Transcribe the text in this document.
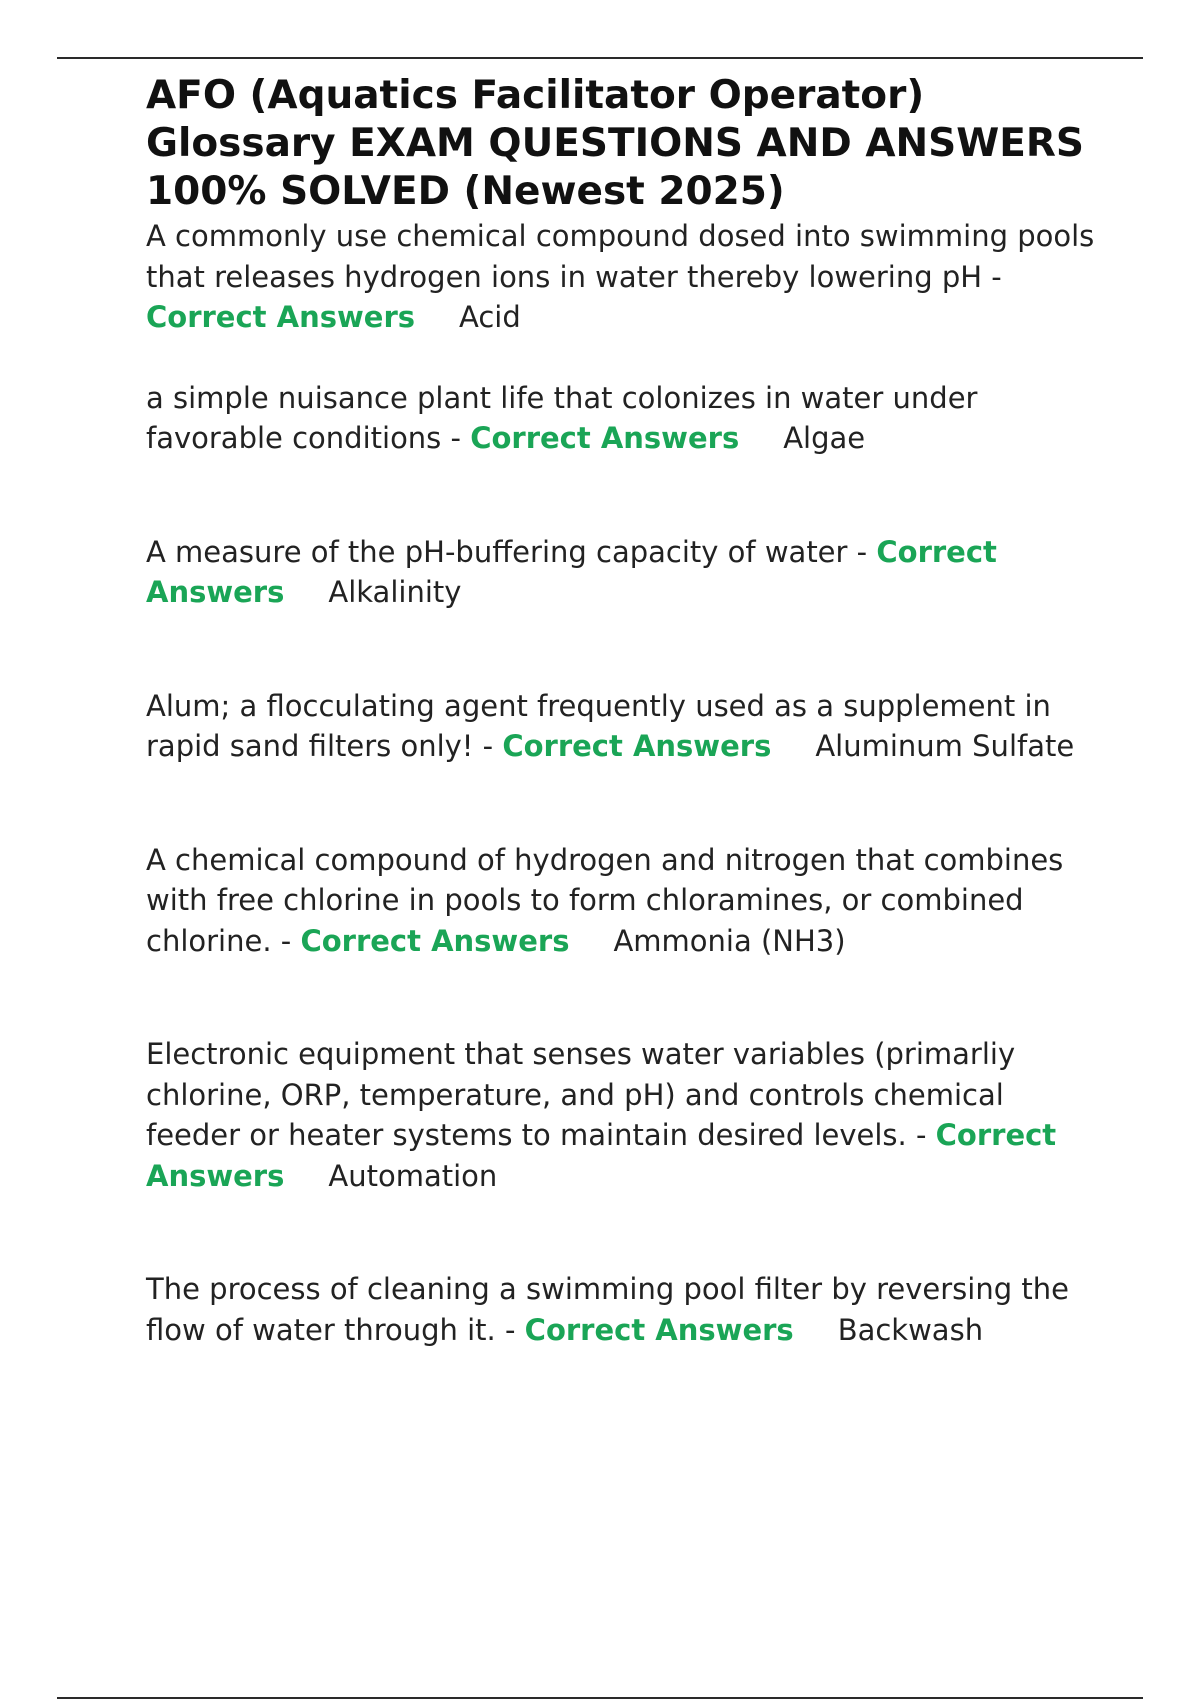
AFO (Aquatics Facilitator Operator) Glossary EXAM QUESTIONS AND ANSWERS 100% SOLVED (Newest 2025)

A commonly use chemical compound dosed into swimming pools that releases hydrogen ions in water thereby lowering pH - Correct Answers Acid

a simple nuisance plant life that colonizes in water under favorable conditions - Correct Answers Algae

A measure of the pH-buffering capacity of water - Correct Answers Alkalinity

Alum; a flocculating agent frequently used as a supplement in rapid sand filters only! - Correct Answers Aluminum Sulfate

A chemical compound of hydrogen and nitrogen that combines with free chlorine in pools to form chloramines, or combined chlorine. - Correct Answers Ammonia (NH3)

Electronic equipment that senses water variables (primarliy chlorine, ORP, temperature, and pH) and controls chemical feeder or heater systems to maintain desired levels. - Correct Answers Automation

The process of cleaning a swimming pool filter by reversing the flow of water through it. - Correct Answers Backwash
